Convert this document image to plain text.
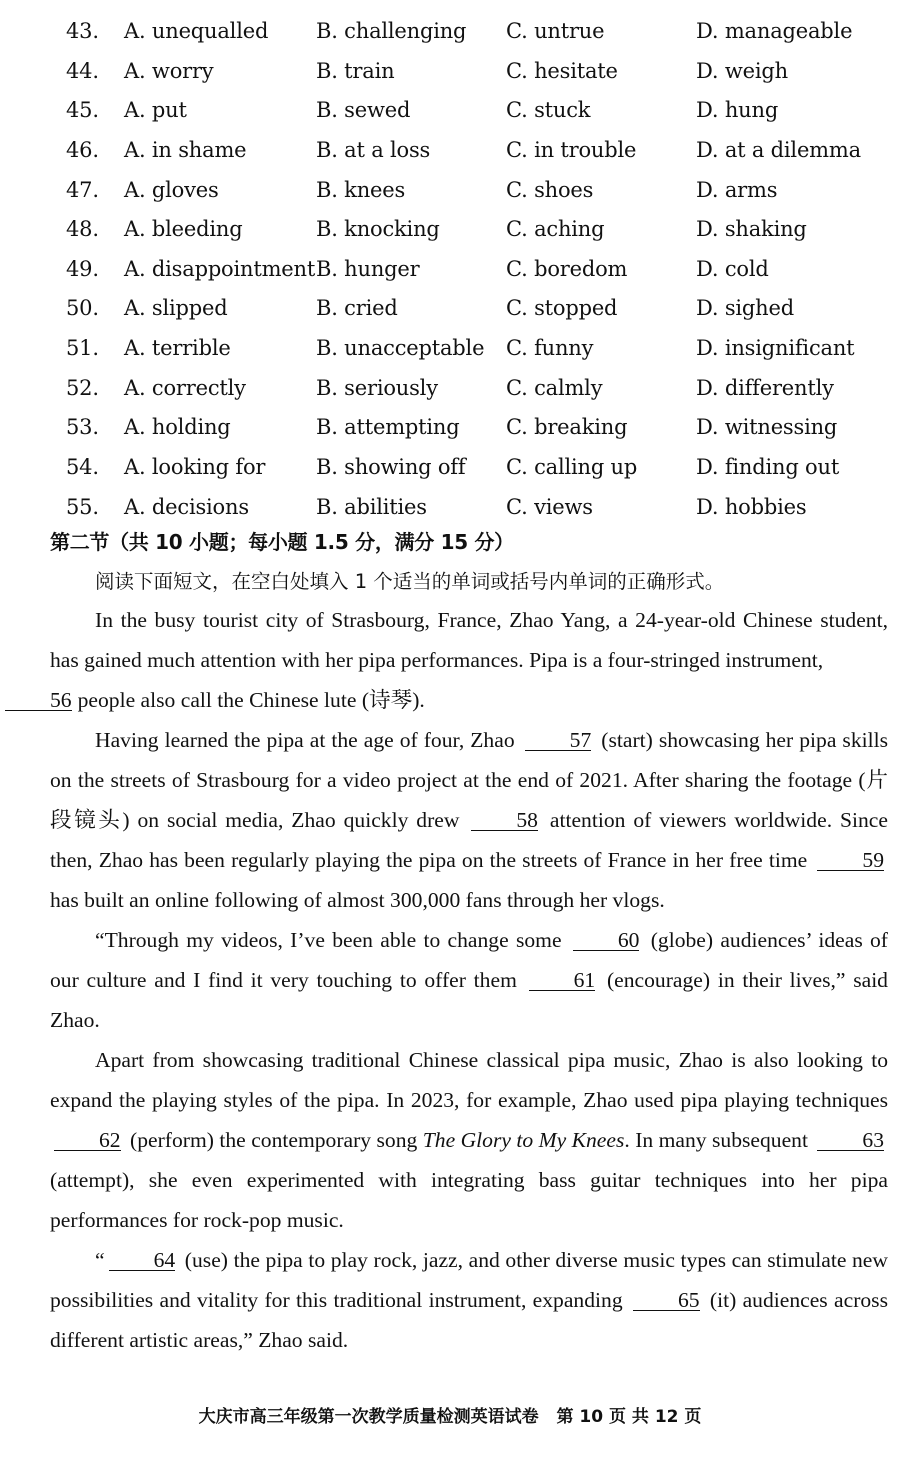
43. A. unequalled B. challenging C. untrue	D. manageable
44. A. worry	B. train	C. hesitate	D. weigh
45. A. put	B. sewed	C. stuck	D. hung
46. A. in shame	B. at a loss	C. in trouble	D. at a dilemma
47. A. gloves	B. knees	C. shoes	D. arms
48. A. bleeding	B. knocking	C. aching	D. shaking
49. A. disappointment B. hunger	C. boredom	D. cold
50. A. slipped	B. cried	C. stopped	D. sighed
51. A. terrible	B. unacceptable C. funny	D. insignificant
52. A. correctly	B. seriously	C. calmly	D. differently
53. A. holding	B. attempting C. breaking	D. witnessing
54. A. looking for B. showing off C. calling up	D. finding out
55. A. decisions	B. abilities	C. views	D. hobbies
第二节（共 10 小题；每小题 1.5 分，满分 15 分）
阅读下面短文，在空白处填入 1 个适当的单词或括号内单词的正确形式。

In the busy tourist city of Strasbourg, France, Zhao Yang, a 24-year-old Chinese student, has gained much attention with her pipa performances. Pipa is a four-stringed instrument,
56 people also call the Chinese lute (诗琴).

Having learned the pipa at the age of four, Zhao	57 (start) showcasing her pipa skills on the streets of Strasbourg for a video project at the end of 2021. After sharing the footage (片段镜头) on social media, Zhao quickly drew	58 attention of viewers worldwide. Since then, Zhao has been regularly playing the pipa on the streets of France in her free time	59 has built an online following of almost 300,000 fans through her vlogs.

“Through my videos, I’ve been able to change some	60 (globe) audiences’ ideas of our culture and I find it very touching to offer them	61 (encourage) in their lives,” said Zhao.

Apart from showcasing traditional Chinese classical pipa music, Zhao is also looking to expand the playing styles of the pipa. In 2023, for example, Zhao used pipa playing techniques 62 (perform) the contemporary song The Glory to My Knees. In many subsequent	63 (attempt), she even experimented with integrating bass guitar techniques into her pipa performances for rock-pop music.

“ 64 (use) the pipa to play rock, jazz, and other diverse music types can stimulate new possibilities and vitality for this traditional instrument, expanding	65 (it) audiences across different artistic areas,” Zhao said.

大庆市高三年级第一次教学质量检测英语试卷 第 10 页 共 12 页
